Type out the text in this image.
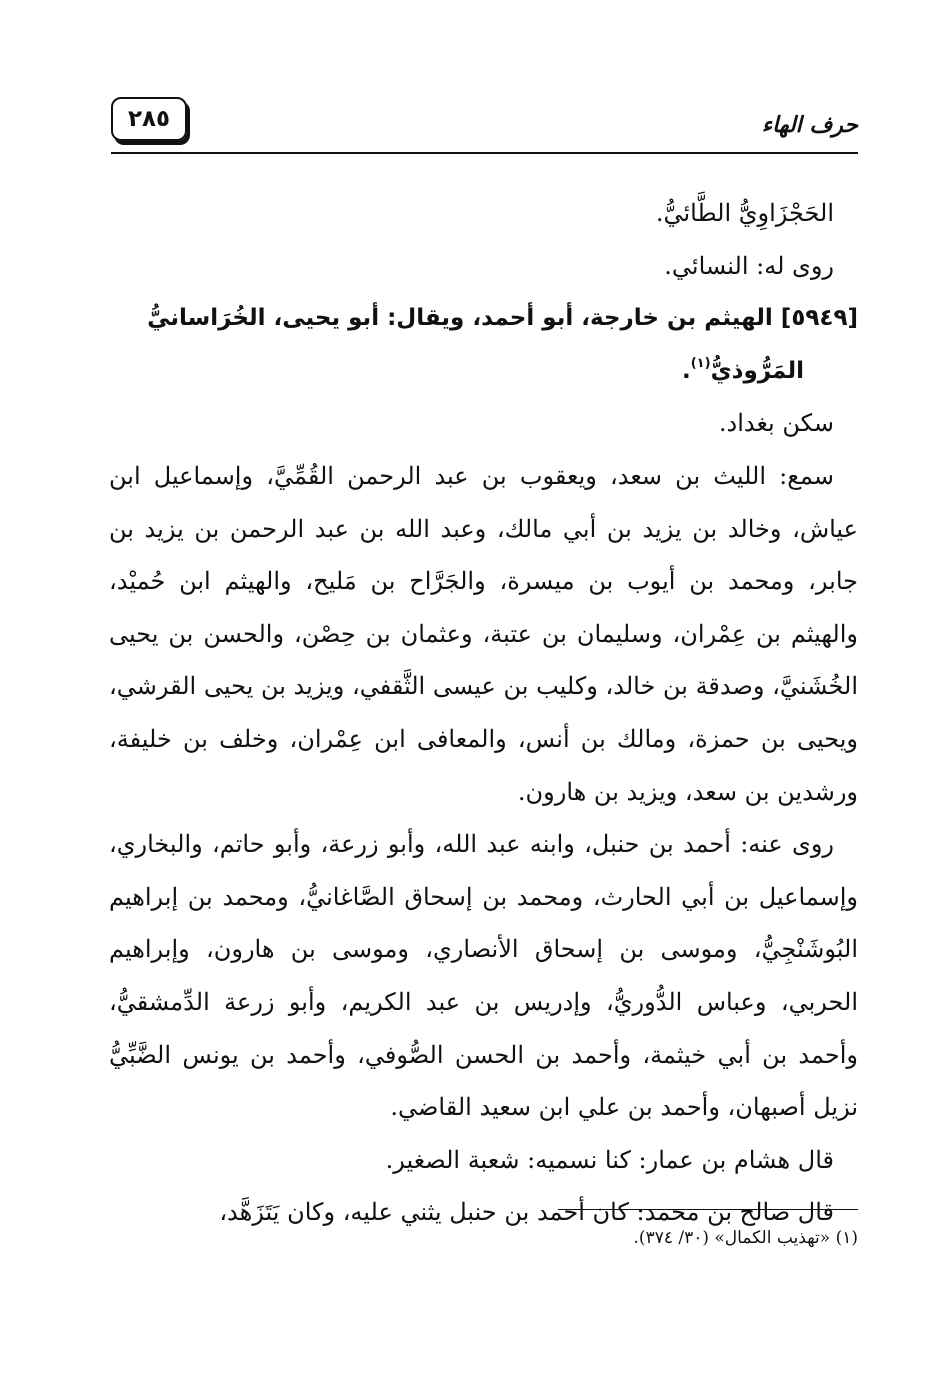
٢٨٥	حرف الهاء

الحَجْزَاوِيُّ الطَّائيُّ.

روى له: النسائي.

[٥٩٤٩] الهيثم بن خارجة، أبو أحمد، ويقال: أبو يحيى، الخُرَاسانيُّ
المَرُّوذيُّ$^{(١)}$.

سكن بغداد.

سمع: الليث بن سعد، ويعقوب بن عبد الرحمن القُمِّيَّ، وإسماعيل ابن عياش، وخالد بن يزيد بن أبي مالك، وعبد الله بن عبد الرحمن بن يزيد بن جابر، ومحمد بن أيوب بن ميسرة، والجَرَّاح بن مَليح، والهيثم ابن حُميْد، والهيثم بن عِمْران، وسليمان بن عتبة، وعثمان بن حِصْن، والحسن بن يحيى الخُشَنيَّ، وصدقة بن خالد، وكليب بن عيسى الثَّقفي، ويزيد بن يحيى القرشي، ويحيى بن حمزة، ومالك بن أنس، والمعافى ابن عِمْران، وخلف بن خليفة، ورشدين بن سعد، ويزيد بن هارون.

روى عنه: أحمد بن حنبل، وابنه عبد الله، وأبو زرعة، وأبو حاتم، والبخاري، وإسماعيل بن أبي الحارث، ومحمد بن إسحاق الصَّاغانيُّ، ومحمد بن إبراهيم البُوشَنْجِيُّ، وموسى بن إسحاق الأنصاري، وموسى بن هارون، وإبراهيم الحربي، وعباس الدُّوريُّ، وإدريس بن عبد الكريم، وأبو زرعة الدِّمشقيُّ، وأحمد بن أبي خيثمة، وأحمد بن الحسن الصُّوفي، وأحمد بن يونس الضَّبِّيُّ نزيل أصبهان، وأحمد بن علي ابن سعيد القاضي.

قال هشام بن عمار: كنا نسميه: شعبة الصغير.

قال صالح بن محمد: كان أحمد بن حنبل يثني عليه، وكان يَتَزَهَّد،

(١) «تهذيب الكمال» (٣٠/ ٣٧٤).
